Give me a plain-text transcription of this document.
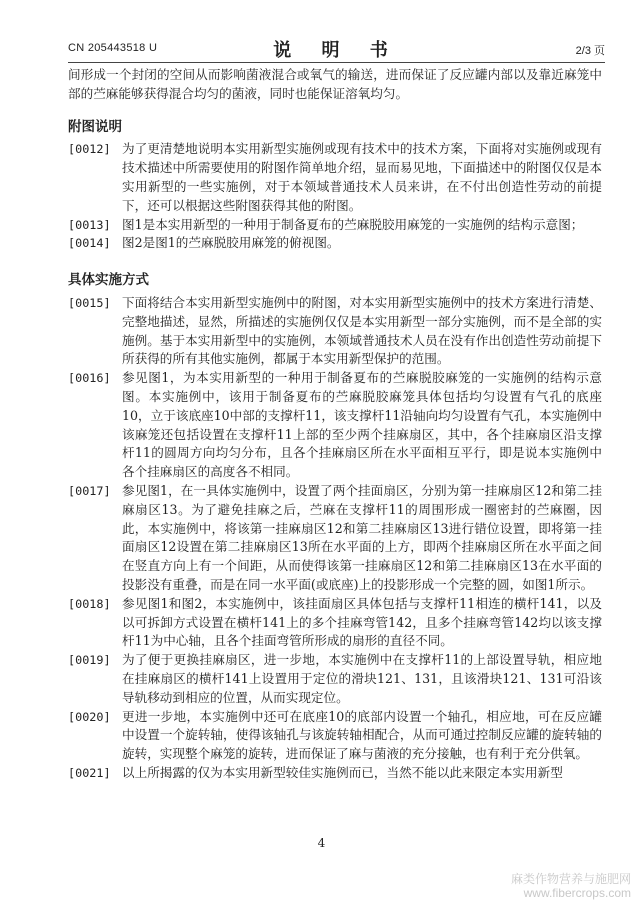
CN 205443518 U	说 明 书	2/3 页

间形成一个封闭的空间从而影响菌液混合或氧气的输送，进而保证了反应罐内部以及靠近麻笼中部的苎麻能够获得混合均匀的菌液，同时也能保证溶氧均匀。

附图说明
[0012] 为了更清楚地说明本实用新型实施例或现有技术中的技术方案，下面将对实施例或现有技术描述中所需要使用的附图作简单地介绍，显而易见地，下面描述中的附图仅仅是本实用新型的一些实施例，对于本领域普通技术人员来讲，在不付出创造性劳动的前提下，还可以根据这些附图获得其他的附图。
[0013] 图1是本实用新型的一种用于制备夏布的苎麻脱胶用麻笼的一实施例的结构示意图；
[0014] 图2是图1的苎麻脱胶用麻笼的俯视图。
具体实施方式
[0015] 下面将结合本实用新型实施例中的附图，对本实用新型实施例中的技术方案进行清楚、完整地描述，显然，所描述的实施例仅仅是本实用新型一部分实施例，而不是全部的实施例。基于本实用新型中的实施例，本领域普通技术人员在没有作出创造性劳动前提下所获得的所有其他实施例，都属于本实用新型保护的范围。
[0016] 参见图1，为本实用新型的一种用于制备夏布的苎麻脱胶麻笼的一实施例的结构示意图。本实施例中，该用于制备夏布的苎麻脱胶麻笼具体包括均匀设置有气孔的底座10，立于该底座10中部的支撑杆11，该支撑杆11沿轴向均匀设置有气孔，本实施例中该麻笼还包括设置在支撑杆11上部的至少两个挂麻扇区，其中，各个挂麻扇区沿支撑杆11的圆周方向均匀分布，且各个挂麻扇区所在水平面相互平行，即是说本实施例中各个挂麻扇区的高度各不相同。
[0017] 参见图1，在一具体实施例中，设置了两个挂面扇区，分别为第一挂麻扇区12和第二挂麻扇区13。为了避免挂麻之后，苎麻在支撑杆11的周围形成一圈密封的苎麻圈，因此，本实施例中，将该第一挂麻扇区12和第二挂麻扇区13进行错位设置，即将第一挂面扇区12设置在第二挂麻扇区13所在水平面的上方，即两个挂麻扇区所在水平面之间在竖直方向上有一个间距，从而使得该第一挂麻扇区12和第二挂麻扇区13在水平面的投影没有重叠，而是在同一水平面(或底座)上的投影形成一个完整的圆，如图1所示。
[0018] 参见图1和图2，本实施例中，该挂面扇区具体包括与支撑杆11相连的横杆141，以及以可拆卸方式设置在横杆141上的多个挂麻弯管142，且多个挂麻弯管142均以该支撑杆11为中心轴，且各个挂面弯管所形成的扇形的直径不同。
[0019] 为了便于更换挂麻扇区，进一步地，本实施例中在支撑杆11的上部设置导轨，相应地在挂麻扇区的横杆141上设置用于定位的滑块121、131，且该滑块121、131可沿该导轨移动到相应的位置，从而实现定位。
[0020] 更进一步地，本实施例中还可在底座10的底部内设置一个轴孔，相应地，可在反应罐中设置一个旋转轴，使得该轴孔与该旋转轴相配合，从而可通过控制反应罐的旋转轴的旋转，实现整个麻笼的旋转，进而保证了麻与菌液的充分接触，也有利于充分供氧。
[0021] 以上所揭露的仅为本实用新型较佳实施例而已，当然不能以此来限定本实用新型
4
麻类作物营养与施肥网
www.fibercrops.com
